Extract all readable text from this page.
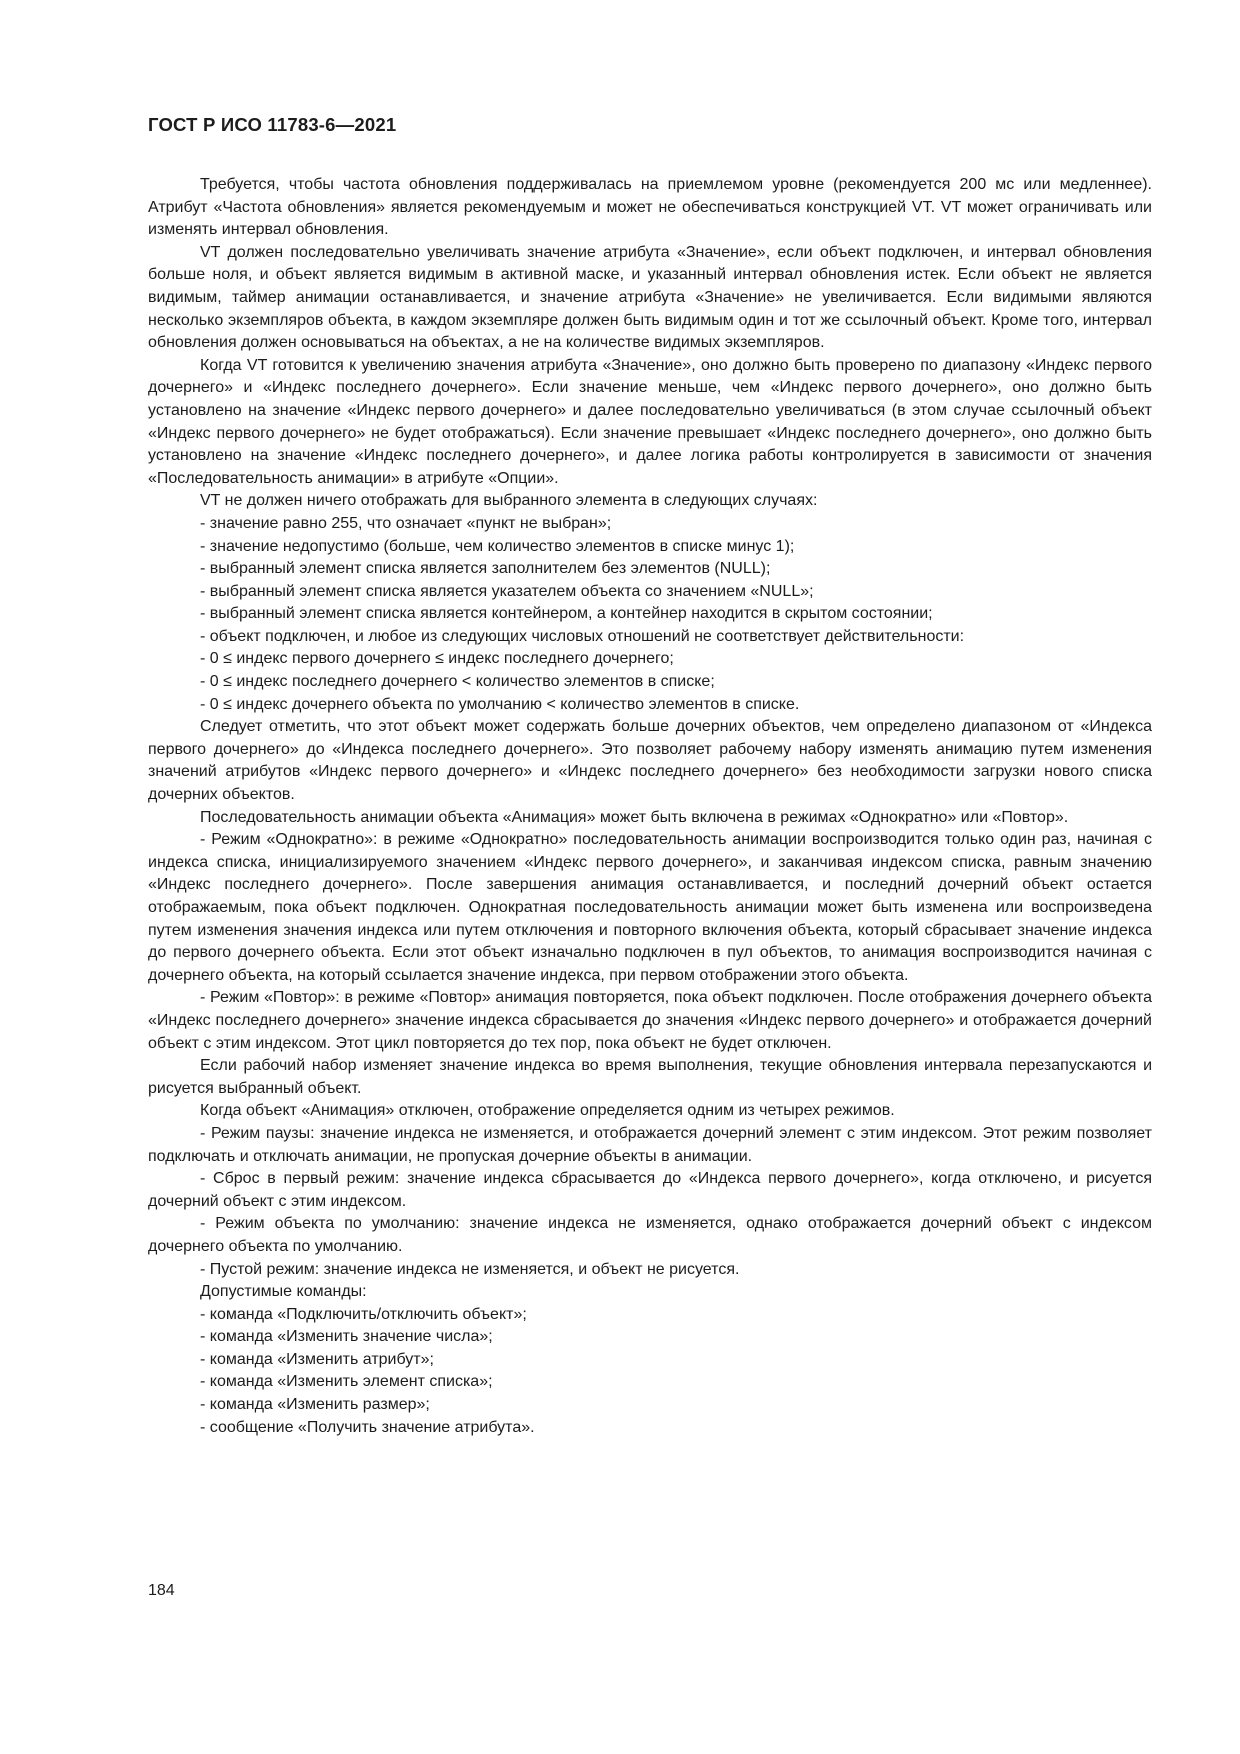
ГОСТ Р ИСО 11783-6—2021
Требуется, чтобы частота обновления поддерживалась на приемлемом уровне (рекомендуется 200 мс или медленнее). Атрибут «Частота обновления» является рекомендуемым и может не обеспечиваться конструкцией VT. VT может ограничивать или изменять интервал обновления.
VT должен последовательно увеличивать значение атрибута «Значение», если объект подключен, и интервал обновления больше ноля, и объект является видимым в активной маске, и указанный интервал обновления истек. Если объект не является видимым, таймер анимации останавливается, и значение атрибута «Значение» не увеличивается. Если видимыми являются несколько экземпляров объекта, в каждом экземпляре должен быть видимым один и тот же ссылочный объект. Кроме того, интервал обновления должен основываться на объектах, а не на количестве видимых экземпляров.
Когда VT готовится к увеличению значения атрибута «Значение», оно должно быть проверено по диапазону «Индекс первого дочернего» и «Индекс последнего дочернего». Если значение меньше, чем «Индекс первого дочернего», оно должно быть установлено на значение «Индекс первого дочернего» и далее последовательно увеличиваться (в этом случае ссылочный объект «Индекс первого дочернего» не будет отображаться). Если значение превышает «Индекс последнего дочернего», оно должно быть установлено на значение «Индекс последнего дочернего», и далее логика работы контролируется в зависимости от значения «Последовательность анимации» в атрибуте «Опции».
VT не должен ничего отображать для выбранного элемента в следующих случаях:
- значение равно 255, что означает «пункт не выбран»;
- значение недопустимо (больше, чем количество элементов в списке минус 1);
- выбранный элемент списка является заполнителем без элементов (NULL);
- выбранный элемент списка является указателем объекта со значением «NULL»;
- выбранный элемент списка является контейнером, а контейнер находится в скрытом состоянии;
- объект подключен, и любое из следующих числовых отношений не соответствует действительности:
- 0 ≤ индекс первого дочернего ≤ индекс последнего дочернего;
- 0 ≤ индекс последнего дочернего < количество элементов в списке;
- 0 ≤ индекс дочернего объекта по умолчанию < количество элементов в списке.
Следует отметить, что этот объект может содержать больше дочерних объектов, чем определено диапазоном от «Индекса первого дочернего» до «Индекса последнего дочернего». Это позволяет рабочему набору изменять анимацию путем изменения значений атрибутов «Индекс первого дочернего» и «Индекс последнего дочернего» без необходимости загрузки нового списка дочерних объектов.
Последовательность анимации объекта «Анимация» может быть включена в режимах «Однократно» или «Повтор».
- Режим «Однократно»: в режиме «Однократно» последовательность анимации воспроизводится только один раз, начиная с индекса списка, инициализируемого значением «Индекс первого дочернего», и заканчивая индексом списка, равным значению «Индекс последнего дочернего». После завершения анимация останавливается, и последний дочерний объект остается отображаемым, пока объект подключен. Однократная последовательность анимации может быть изменена или воспроизведена путем изменения значения индекса или путем отключения и повторного включения объекта, который сбрасывает значение индекса до первого дочернего объекта. Если этот объект изначально подключен в пул объектов, то анимация воспроизводится начиная с дочернего объекта, на который ссылается значение индекса, при первом отображении этого объекта.
- Режим «Повтор»: в режиме «Повтор» анимация повторяется, пока объект подключен. После отображения дочернего объекта «Индекс последнего дочернего» значение индекса сбрасывается до значения «Индекс первого дочернего» и отображается дочерний объект с этим индексом. Этот цикл повторяется до тех пор, пока объект не будет отключен.
Если рабочий набор изменяет значение индекса во время выполнения, текущие обновления интервала перезапускаются и рисуется выбранный объект.
Когда объект «Анимация» отключен, отображение определяется одним из четырех режимов.
- Режим паузы: значение индекса не изменяется, и отображается дочерний элемент с этим индексом. Этот режим позволяет подключать и отключать анимации, не пропуская дочерние объекты в анимации.
- Сброс в первый режим: значение индекса сбрасывается до «Индекса первого дочернего», когда отключено, и рисуется дочерний объект с этим индексом.
- Режим объекта по умолчанию: значение индекса не изменяется, однако отображается дочерний объект с индексом дочернего объекта по умолчанию.
- Пустой режим: значение индекса не изменяется, и объект не рисуется.
Допустимые команды:
- команда «Подключить/отключить объект»;
- команда «Изменить значение числа»;
- команда «Изменить атрибут»;
- команда «Изменить элемент списка»;
- команда «Изменить размер»;
- сообщение «Получить значение атрибута».
184
